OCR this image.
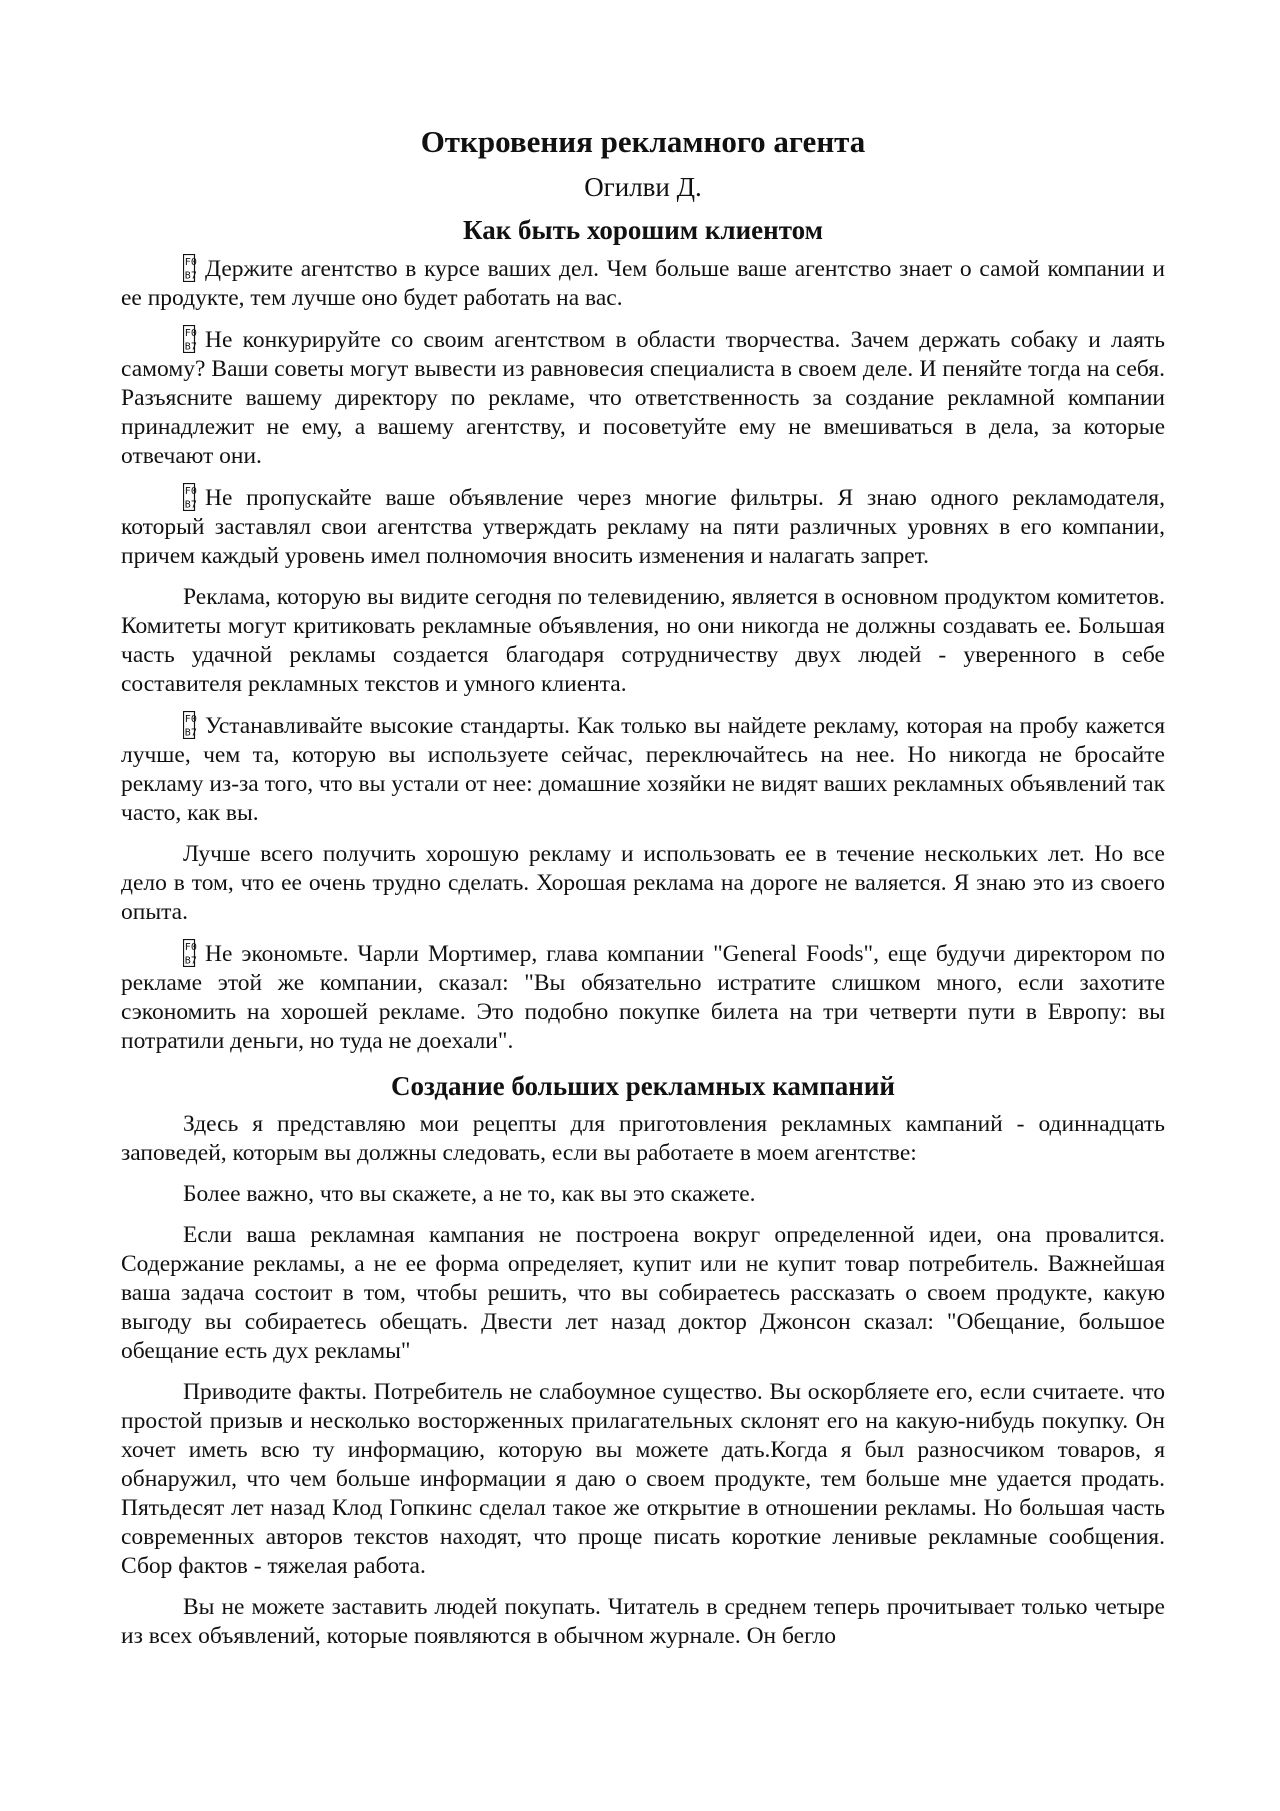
Откровения рекламного агента
Огилви Д.
Как быть хорошим клиентом

F0
B7 Держите агентство в курсе ваших дел. Чем больше ваше агентство знает о самой компании и ее продукте, тем лучше оно будет работать на вас.

F0
B7 Не конкурируйте со своим агентством в области творчества. Зачем держать собаку и лаять самому? Ваши советы могут вывести из равновесия специалиста в своем деле. И пеняйте тогда на себя. Разъясните вашему директору по рекламе, что ответственность за создание рекламной компании принадлежит не ему, а вашему агентству, и посоветуйте ему не вмешиваться в дела, за которые отвечают они.

F0
B7 Не пропускайте ваше объявление через многие фильтры. Я знаю одного рекламодателя, который заставлял свои агентства утверждать рекламу на пяти различных уровнях в его компании, причем каждый уровень имел полномочия вносить изменения и налагать запрет.

Реклама, которую вы видите сегодня по телевидению, является в основном продуктом комитетов. Комитеты могут критиковать рекламные объявления, но они никогда не должны создавать ее. Большая часть удачной рекламы создается благодаря сотрудничеству двух людей - уверенного в себе составителя рекламных текстов и умного клиента.

F0
B7 Устанавливайте высокие стандарты. Как только вы найдете рекламу, которая на пробу кажется лучше, чем та, которую вы используете сейчас, переключайтесь на нее. Но никогда не бросайте рекламу из-за того, что вы устали от нее: домашние хозяйки не видят ваших рекламных объявлений так часто, как вы.

Лучше всего получить хорошую рекламу и использовать ее в течение нескольких лет. Но все дело в том, что ее очень трудно сделать. Хорошая реклама на дороге не валяется. Я знаю это из своего опыта.

F0
B7 Не экономьте. Чарли Мортимер, глава компании "General Foods", еще будучи директором по рекламе этой же компании, сказал: "Вы обязательно истратите слишком много, если захотите сэкономить на хорошей рекламе. Это подобно покупке билета на три четверти пути в Европу: вы потратили деньги, но туда не доехали".

Создание больших рекламных кампаний

Здесь я представляю мои рецепты для приготовления рекламных кампаний - одиннадцать заповедей, которым вы должны следовать, если вы работаете в моем агентстве:

Более важно, что вы скажете, а не то, как вы это скажете.

Если ваша рекламная кампания не построена вокруг определенной идеи, она провалится. Содержание рекламы, а не ее форма определяет, купит или не купит товар потребитель. Важнейшая ваша задача состоит в том, чтобы решить, что вы собираетесь рассказать о своем продукте, какую выгоду вы собираетесь обещать. Двести лет назад доктор Джонсон сказал: "Обещание, большое обещание есть дух рекламы"

Приводите факты. Потребитель не слабоумное существо. Вы оскорбляете его, если считаете. что простой призыв и несколько восторженных прилагательных склонят его на какую-нибудь покупку. Он хочет иметь всю ту информацию, которую вы можете дать.Когда я был разносчиком товаров, я обнаружил, что чем больше информации я даю о своем продукте, тем больше мне удается продать. Пятьдесят лет назад Клод Гопкинс сделал такое же открытие в отношении рекламы. Но большая часть современных авторов текстов находят, что проще писать короткие ленивые рекламные сообщения. Сбор фактов - тяжелая работа.

Вы не можете заставить людей покупать. Читатель в среднем теперь прочитывает только четыре из всех объявлений, которые появляются в обычном журнале. Он бегло
